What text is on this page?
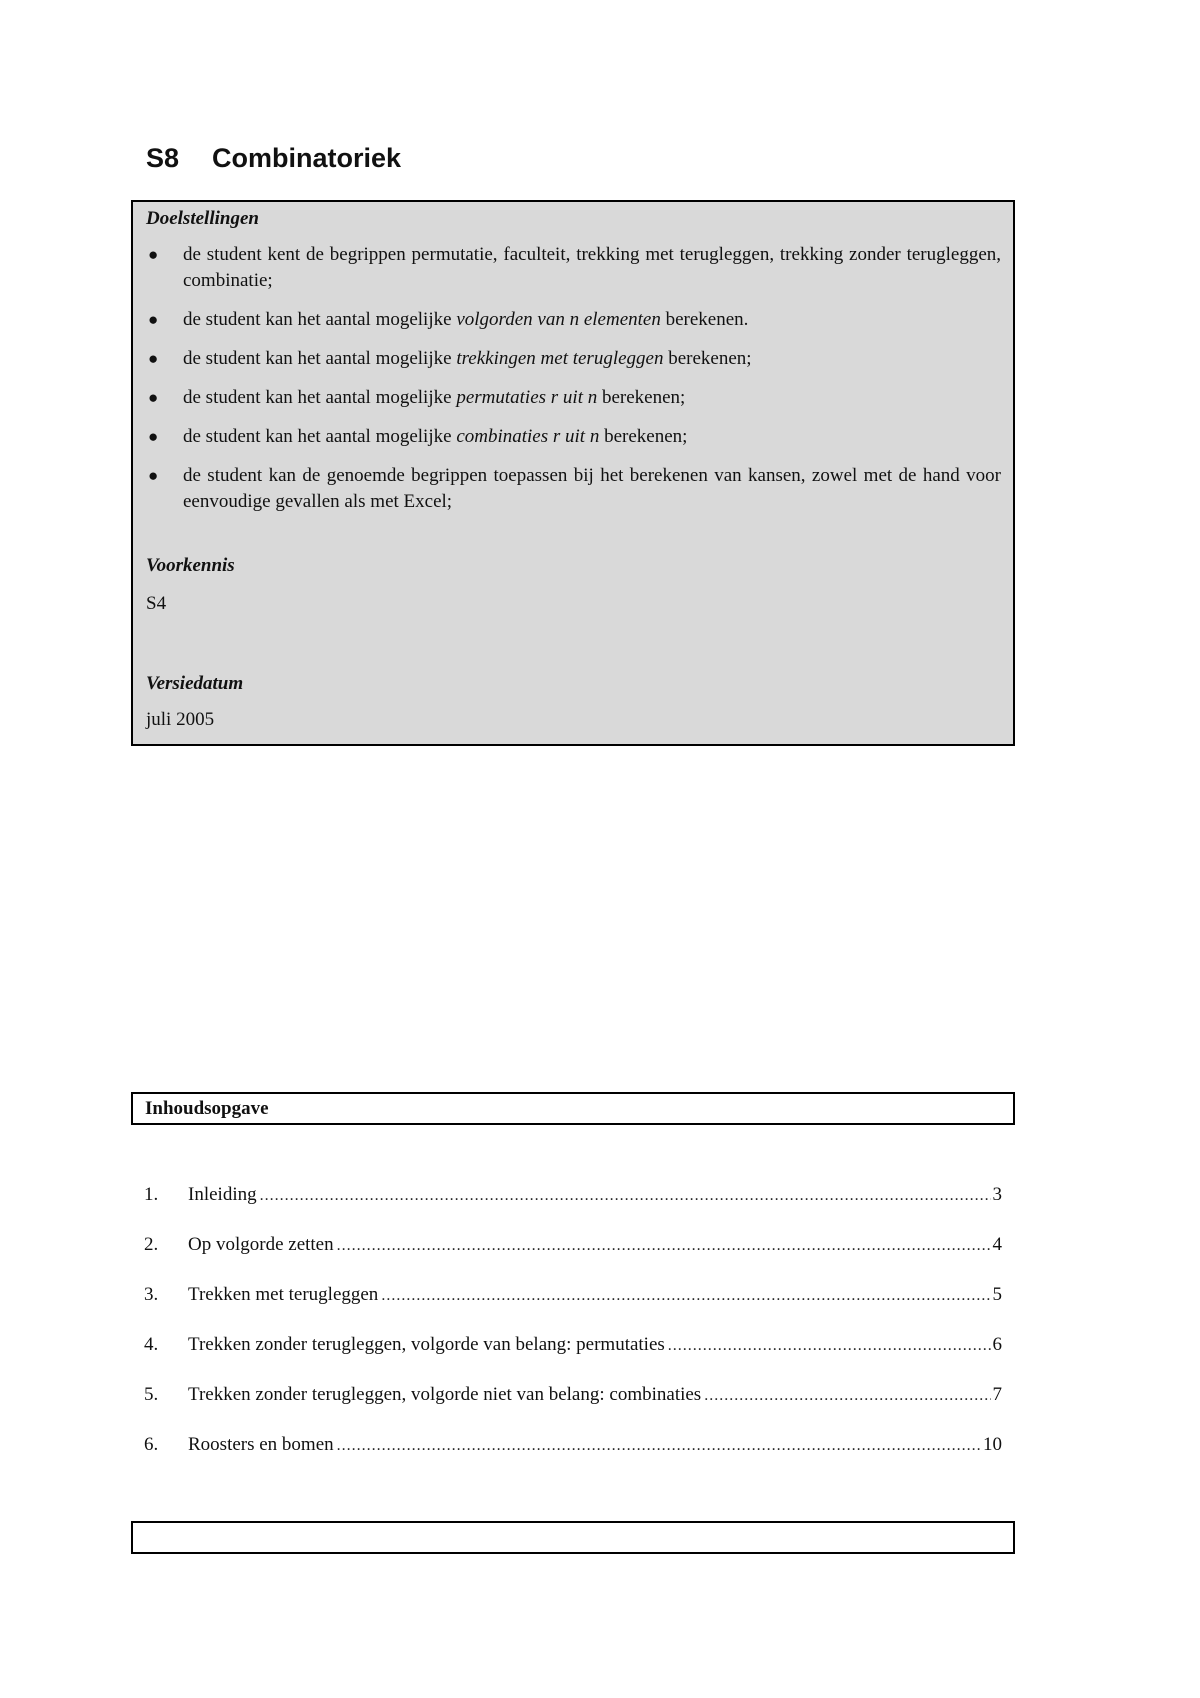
S8 Combinatoriek

Doelstellingen

● de student kent de begrippen permutatie, faculteit, trekking met terugleggen, trekking zonder terugleggen, combinatie;
● de student kan het aantal mogelijke volgorden van n elementen berekenen.
● de student kan het aantal mogelijke trekkingen met terugleggen berekenen;
● de student kan het aantal mogelijke permutaties r uit n berekenen;
● de student kan het aantal mogelijke combinaties r uit n berekenen;
● de student kan de genoemde begrippen toepassen bij het berekenen van kansen, zowel met de hand voor eenvoudige gevallen als met Excel;

Voorkennis

S4

Versiedatum

juli 2005

Inhoudsopgave
1.	Inleiding .....	3
2.	Op volgorde zetten .....	4
3.	Trekken met terugleggen .....	5
4.	Trekken zonder terugleggen, volgorde van belang: permutaties .....	6
5.	Trekken zonder terugleggen, volgorde niet van belang: combinaties .....	7
6.	Roosters en bomen .....	10
